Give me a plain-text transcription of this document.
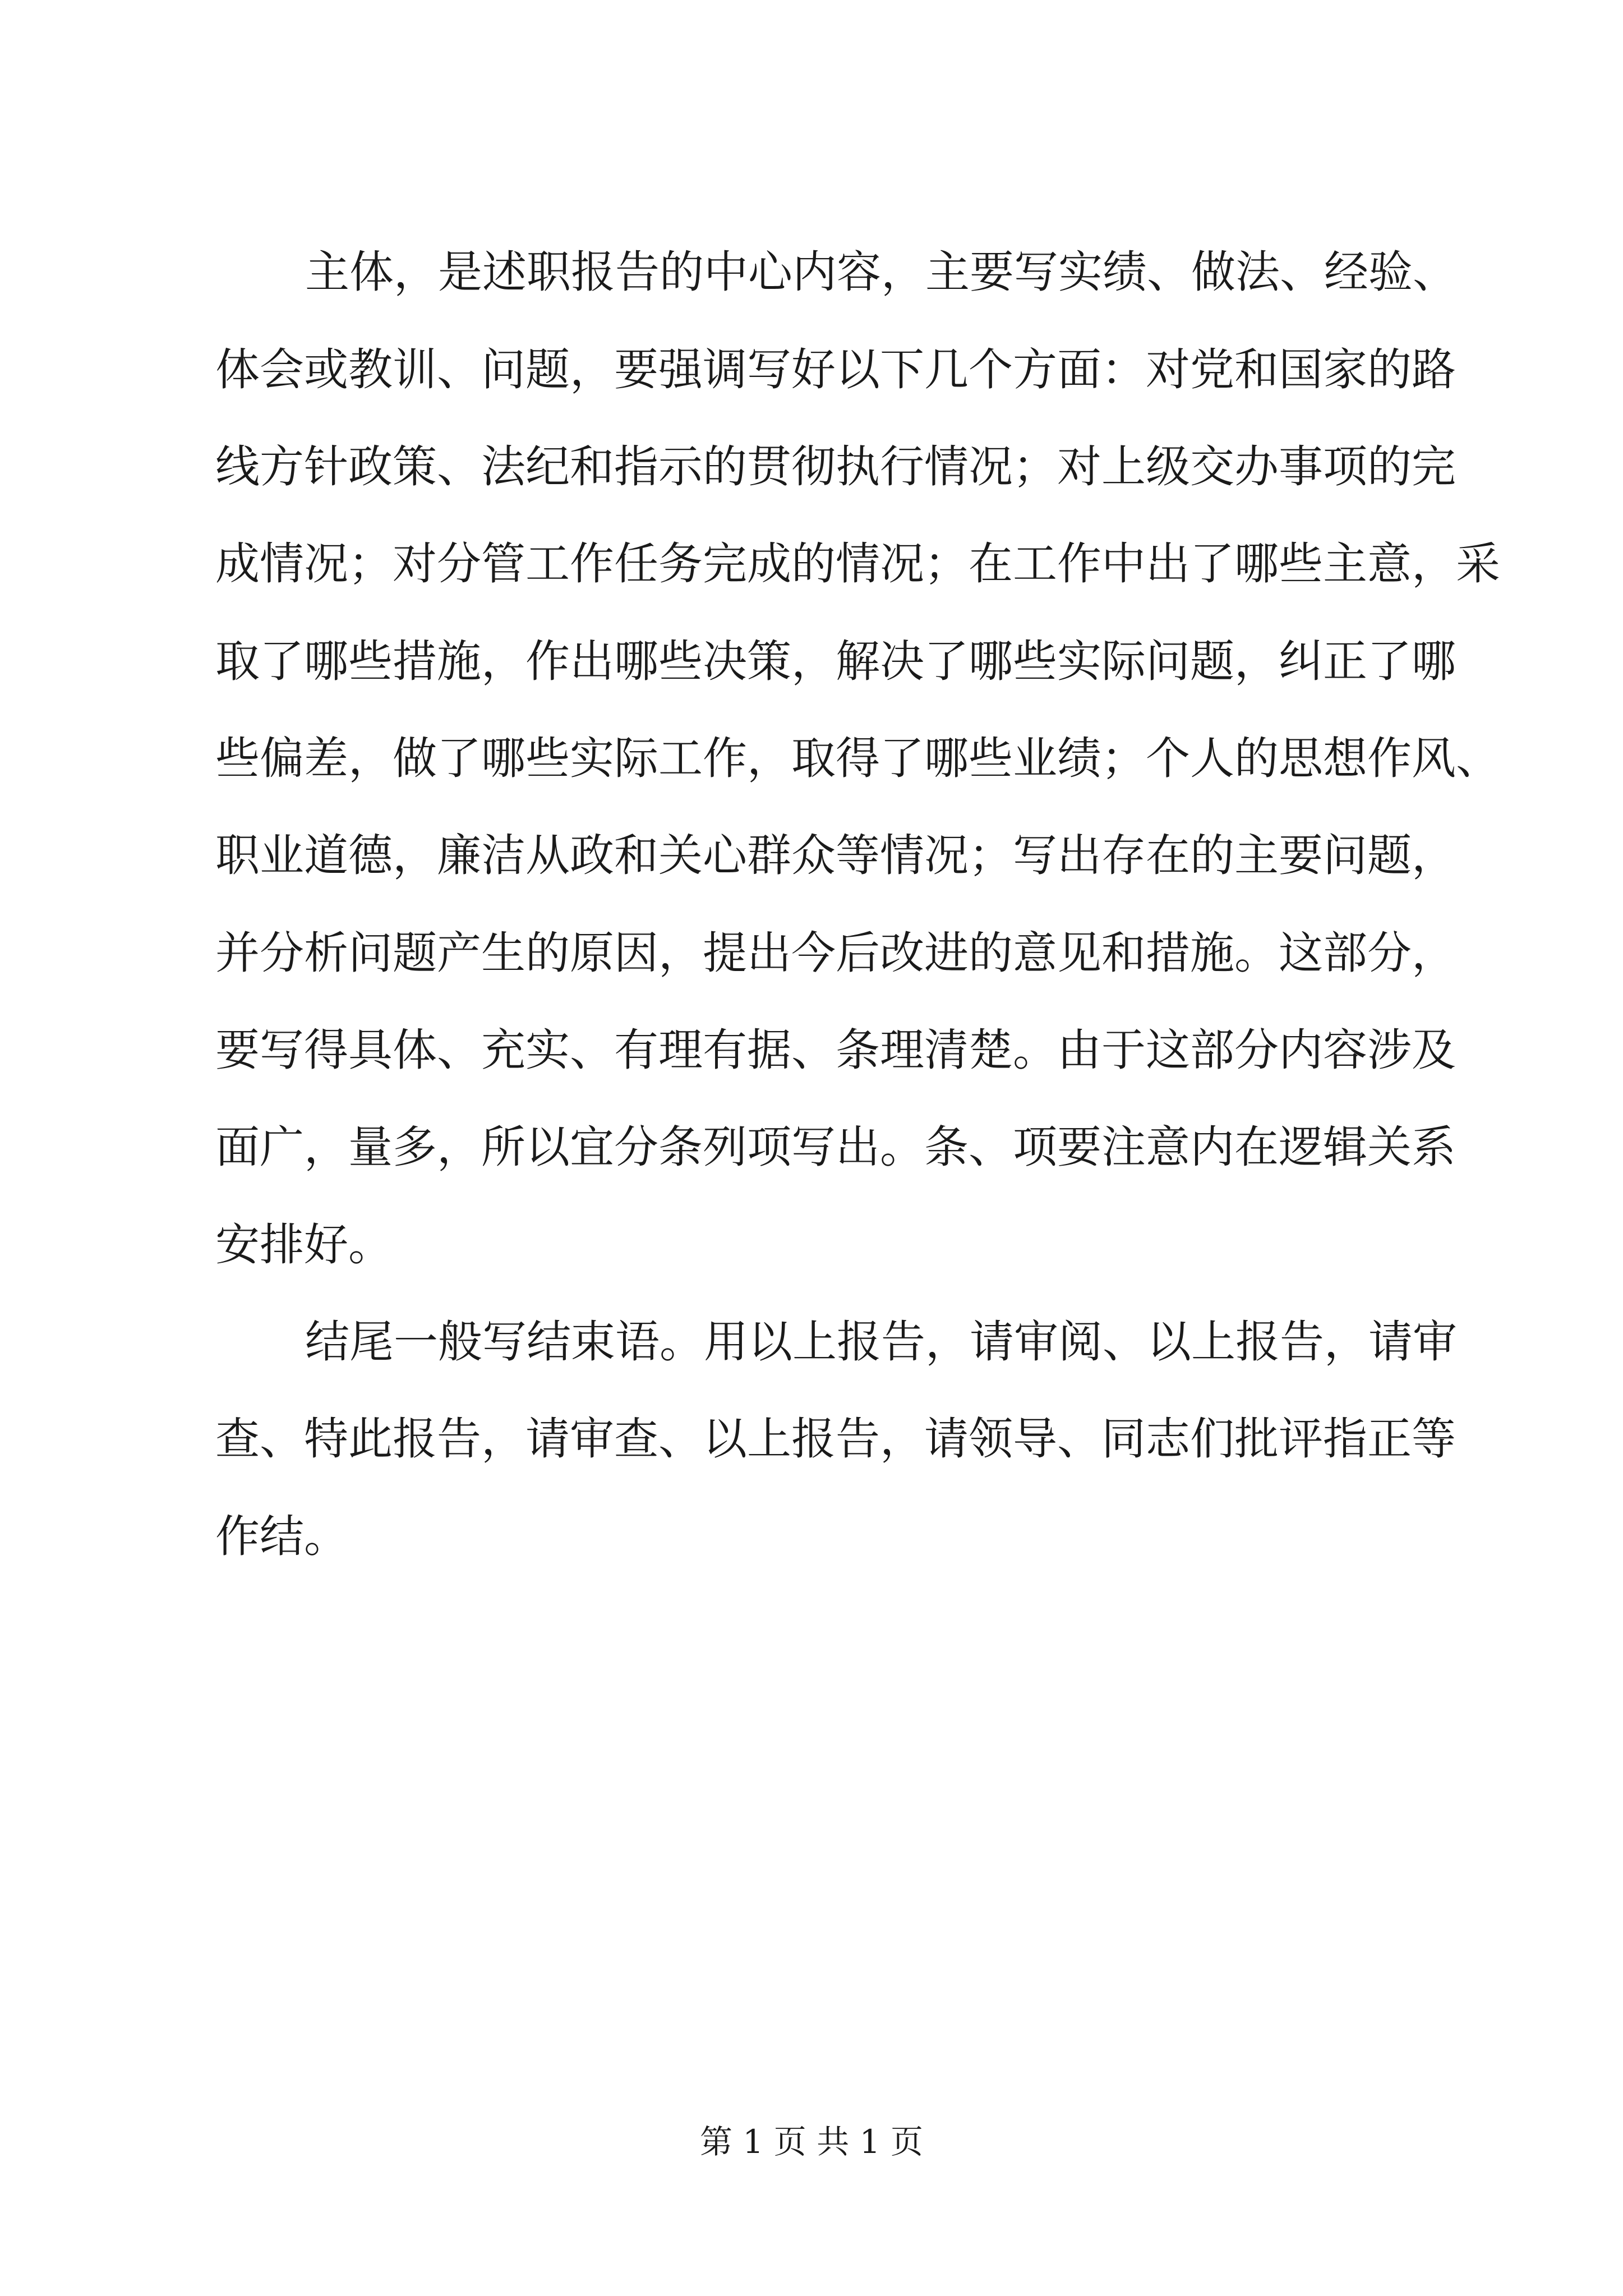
主体，是述职报告的中心内容，主要写实绩、做法、经验、
体会或教训、问题，要强调写好以下几个方面：对党和国家的路
线方针政策、法纪和指示的贯彻执行情况；对上级交办事项的完
成情况；对分管工作任务完成的情况；在工作中出了哪些主意，采
取了哪些措施，作出哪些决策，解决了哪些实际问题，纠正了哪
些偏差，做了哪些实际工作，取得了哪些业绩；个人的思想作风、
职业道德，廉洁从政和关心群众等情况；写出存在的主要问题，
并分析问题产生的原因，提出今后改进的意见和措施。这部分，
要写得具体、充实、有理有据、条理清楚。由于这部分内容涉及
面广，量多，所以宜分条列项写出。条、项要注意内在逻辑关系
安排好。
结尾一般写结束语。用以上报告，请审阅、以上报告，请审
查、特此报告，请审查、以上报告，请领导、同志们批评指正等
作结。
第 1 页 共 1 页
